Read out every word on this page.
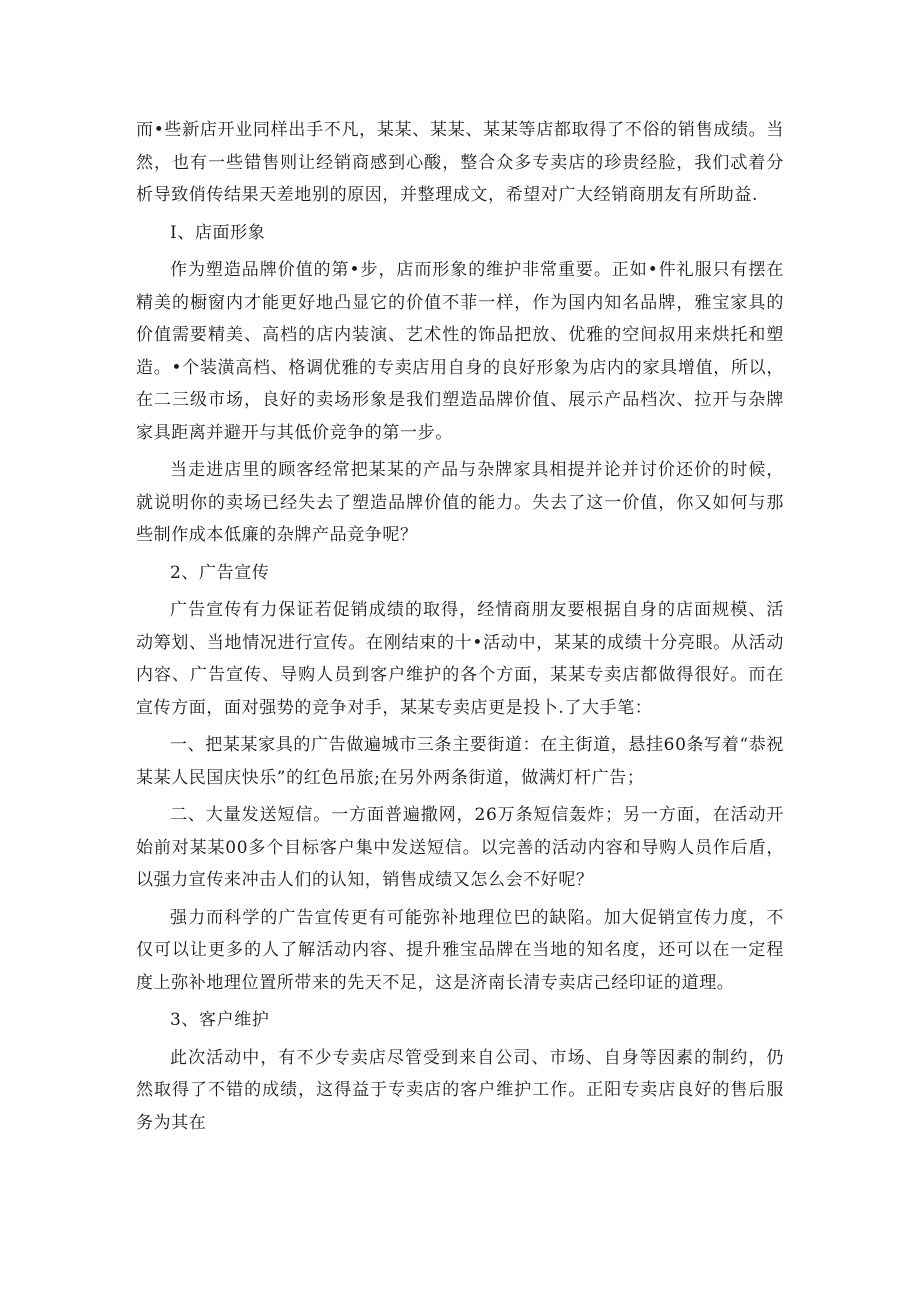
而•些新店开业同样出手不凡，某某、某某、某某等店都取得了不俗的销售成绩。当然，也有一些错售则让经销商感到心酸，整合众多专卖店的珍贵经脸，我们忒着分析导致俏传结果天差地别的原因，并整理成文，希望对广大经销商朋友有所助益.

I、店面形象

作为塑造品牌价值的第•步，店而形象的维护非常重要。正如•件礼服只有摆在精美的橱窗内才能更好地凸显它的价值不菲一样，作为国内知名品牌，雅宝家具的价值需要精美、高档的店内装演、艺术性的饰品把放、优雅的空间叔用来烘托和塑造。•个装潢高档、格调优雅的专卖店用自身的良好形象为店内的家具增值，所以，在二三级市场，良好的卖场形象是我们塑造品牌价值、展示产品档次、拉开与杂牌家具距离并避开与其低价竞争的第一步。

当走进店里的顾客经常把某某的产品与杂牌家具相提并论并讨价还价的时候，就说明你的卖场已经失去了塑造品牌价值的能力。失去了这一价值，你又如何与那些制作成本低廉的杂牌产品竞争呢？

2、广告宣传

广告宣传有力保证若促销成绩的取得，经情商朋友要根据自身的店面规模、活动筹划、当地情况进行宣传。在刚结束的十•活动中，某某的成绩十分亮眼。从活动内容、广告宣传、导购人员到客户维护的各个方面，某某专卖店都做得很好。而在宣传方面，面对强势的竞争对手，某某专卖店更是投卜.了大手笔：

一、把某某家具的广告做遍城市三条主要街道：在主街道，悬挂60条写着“恭祝某某人民国庆快乐”的红色吊旅;在另外两条街道，做满灯杆广告；

二、大量发送短信。一方面普遍撒网，26万条短信轰炸；另一方面，在活动开始前对某某00多个目标客户集中发送短信。以完善的活动内容和导购人员作后盾，以强力宣传来冲击人们的认知，销售成绩又怎么会不好呢？

强力而科学的广告宣传更有可能弥补地理位巴的缺陷。加大促销宣传力度，不仅可以让更多的人了解活动内容、提升雅宝品牌在当地的知名度，还可以在一定程度上弥补地理位置所带来的先天不足，这是济南长清专卖店己经印证的道理。

3、客户维护

此次活动中，有不少专卖店尽管受到来自公司、市场、自身等因素的制约，仍然取得了不错的成绩，这得益于专卖店的客户维护工作。正阳专卖店良好的售后服务为其在
